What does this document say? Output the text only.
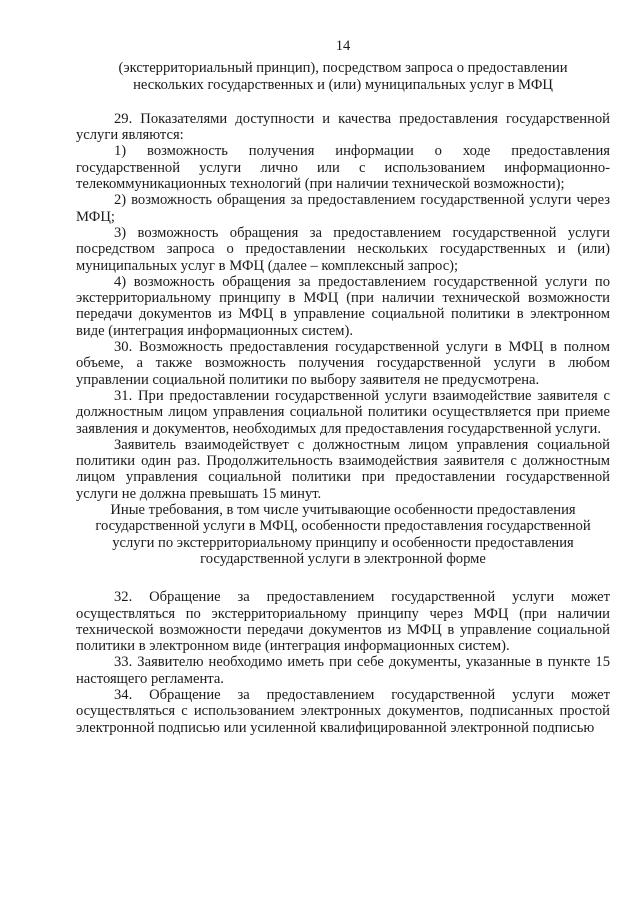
14

(экстерриториальный принцип), посредством запроса о предоставлении

нескольких государственных и (или) муниципальных услуг в МФЦ

29. Показателями доступности и качества предоставления государственной услуги являются:

1) возможность получения информации о ходе предоставления государственной услуги лично или с использованием информационно-телекоммуникационных технологий (при наличии технической возможности);

2) возможность обращения за предоставлением государственной услуги через МФЦ;

3) возможность обращения за предоставлением государственной услуги посредством запроса о предоставлении нескольких государственных и (или) муниципальных услуг в МФЦ (далее – комплексный запрос);

4) возможность обращения за предоставлением государственной услуги по экстерриториальному принципу в МФЦ (при наличии технической возможности передачи документов из МФЦ в управление социальной политики в электронном виде (интеграция информационных систем).

30. Возможность предоставления государственной услуги в МФЦ в полном объеме, а также возможность получения государственной услуги в любом управлении социальной политики по выбору заявителя не предусмотрена.

31. При предоставлении государственной услуги взаимодействие заявителя с должностным лицом управления социальной политики осуществляется при приеме заявления и документов, необходимых для предоставления государственной услуги.

Заявитель взаимодействует с должностным лицом управления социальной политики один раз. Продолжительность взаимодействия заявителя с должностным лицом управления социальной политики при предоставлении государственной услуги не должна превышать 15 минут.

Иные требования, в том числе учитывающие особенности предоставления государственной услуги в МФЦ, особенности предоставления государственной услуги по экстерриториальному принципу и особенности предоставления государственной услуги в электронной форме

32. Обращение за предоставлением государственной услуги может осуществляться по экстерриториальному принципу через МФЦ (при наличии технической возможности передачи документов из МФЦ в управление социальной политики в электронном виде (интеграция информационных систем).

33. Заявителю необходимо иметь при себе документы, указанные в пункте 15 настоящего регламента.

34. Обращение за предоставлением государственной услуги может осуществляться с использованием электронных документов, подписанных простой электронной подписью или усиленной квалифицированной электронной подписью
